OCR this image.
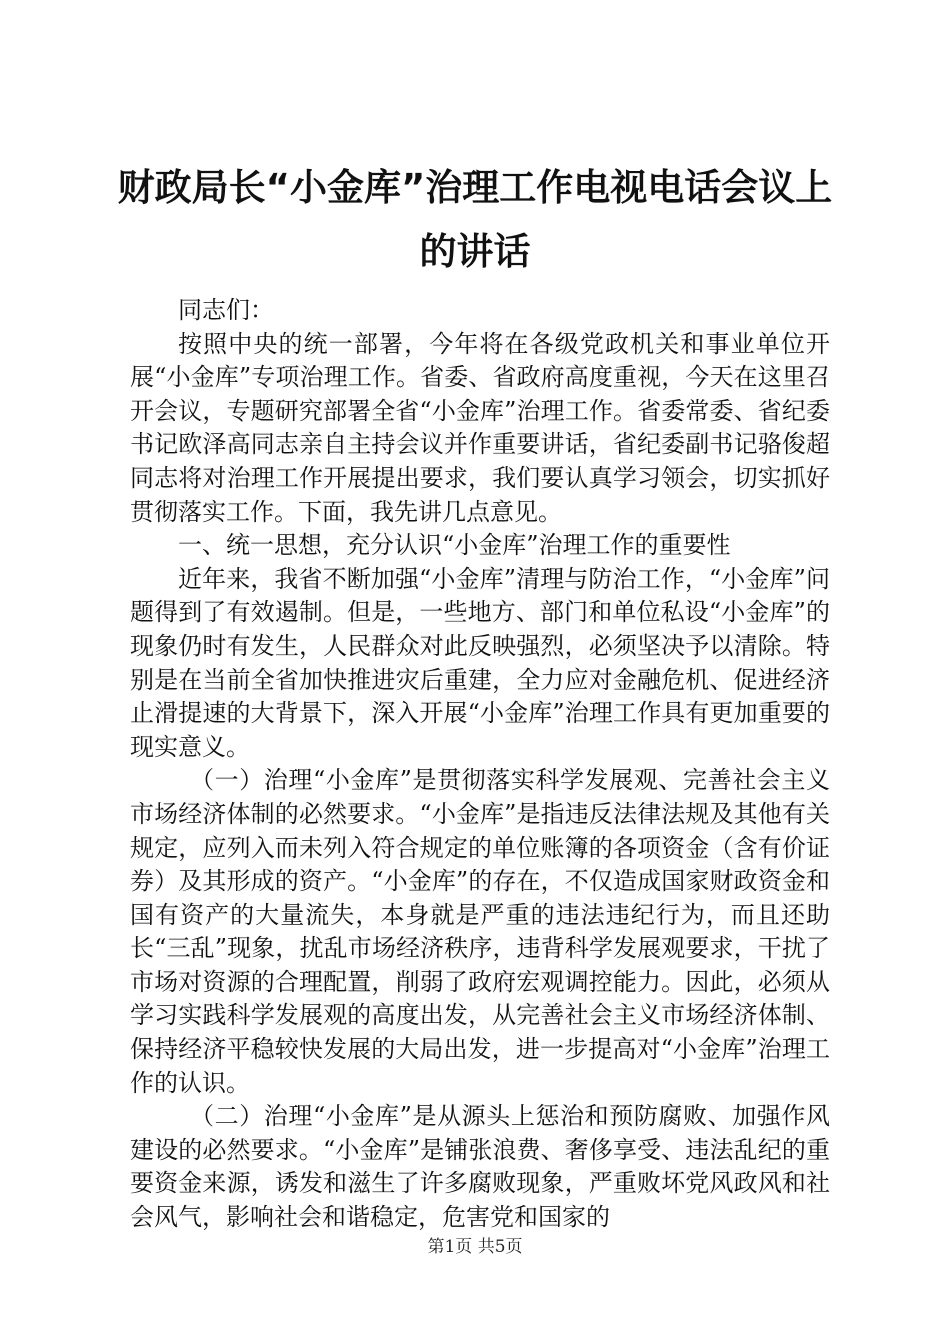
财政局长“小金库”治理工作电视电话会议上的讲话

同志们：

按照中央的统一部署，今年将在各级党政机关和事业单位开展“小金库”专项治理工作。省委、省政府高度重视，今天在这里召开会议，专题研究部署全省“小金库”治理工作。省委常委、省纪委书记欧泽高同志亲自主持会议并作重要讲话，省纪委副书记骆俊超同志将对治理工作开展提出要求，我们要认真学习领会，切实抓好贯彻落实工作。下面，我先讲几点意见。

一、统一思想，充分认识“小金库”治理工作的重要性

近年来，我省不断加强“小金库”清理与防治工作，“小金库”问题得到了有效遏制。但是，一些地方、部门和单位私设“小金库”的现象仍时有发生，人民群众对此反映强烈，必须坚决予以清除。特别是在当前全省加快推进灾后重建，全力应对金融危机、促进经济止滑提速的大背景下，深入开展“小金库”治理工作具有更加重要的现实意义。

（一）治理“小金库”是贯彻落实科学发展观、完善社会主义市场经济体制的必然要求。“小金库”是指违反法律法规及其他有关规定，应列入而未列入符合规定的单位账簿的各项资金（含有价证券）及其形成的资产。“小金库”的存在，不仅造成国家财政资金和国有资产的大量流失，本身就是严重的违法违纪行为，而且还助长“三乱”现象，扰乱市场经济秩序，违背科学发展观要求，干扰了市场对资源的合理配置，削弱了政府宏观调控能力。因此，必须从学习实践科学发展观的高度出发，从完善社会主义市场经济体制、保持经济平稳较快发展的大局出发，进一步提高对“小金库”治理工作的认识。

（二）治理“小金库”是从源头上惩治和预防腐败、加强作风建设的必然要求。“小金库”是铺张浪费、奢侈享受、违法乱纪的重要资金来源，诱发和滋生了许多腐败现象，严重败坏党风政风和社会风气，影响社会和谐稳定，危害党和国家的

第1页 共5页
